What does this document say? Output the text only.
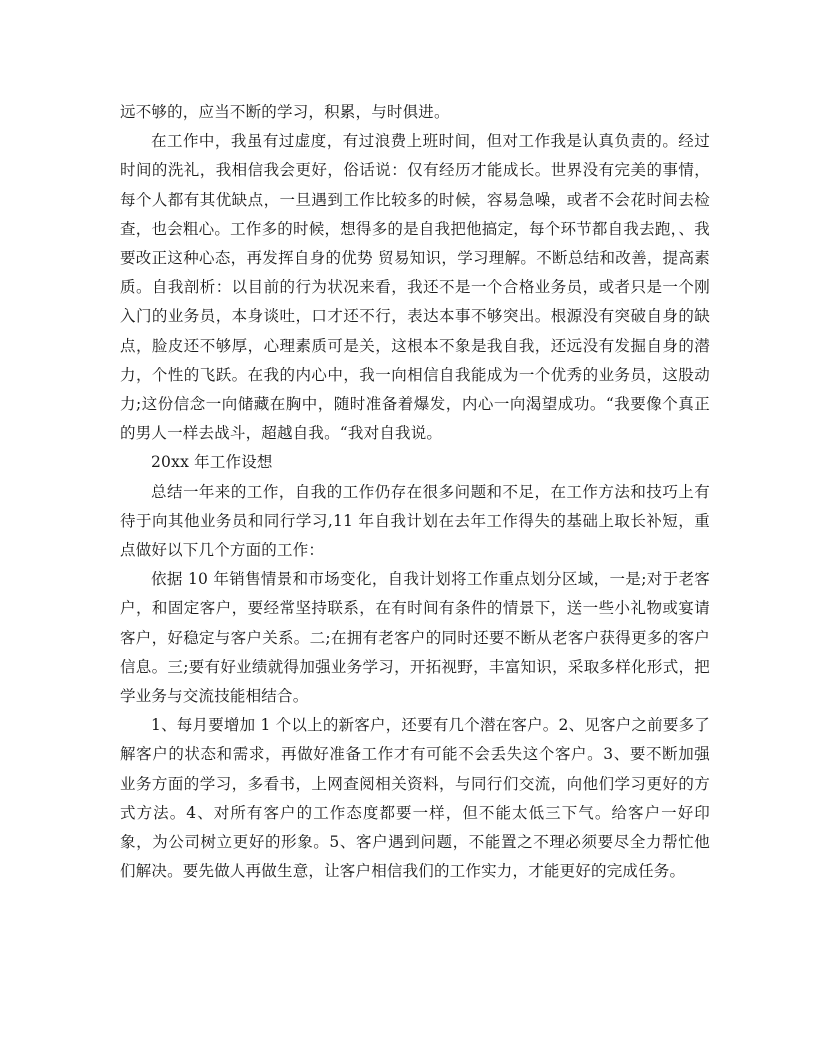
远不够的，应当不断的学习，积累，与时俱进。

在工作中，我虽有过虚度，有过浪费上班时间，但对工作我是认真负责的。经过时间的洗礼，我相信我会更好，俗话说：仅有经历才能成长。世界没有完美的事情，每个人都有其优缺点，一旦遇到工作比较多的时候，容易急噪，或者不会花时间去检查，也会粗心。工作多的时候，想得多的是自我把他搞定，每个环节都自我去跑，、我要改正这种心态，再发挥自身的优势 贸易知识，学习理解。不断总结和改善，提高素质。自我剖析：以目前的行为状况来看，我还不是一个合格业务员，或者只是一个刚入门的业务员，本身谈吐，口才还不行，表达本事不够突出。根源没有突破自身的缺点，脸皮还不够厚，心理素质可是关，这根本不象是我自我，还远没有发掘自身的潜力，个性的飞跃。在我的内心中，我一向相信自我能成为一个优秀的业务员，这股动力;这份信念一向储藏在胸中，随时准备着爆发，内心一向渴望成功。“我要像个真正的男人一样去战斗，超越自我。“我对自我说。

20xx 年工作设想

总结一年来的工作，自我的工作仍存在很多问题和不足，在工作方法和技巧上有待于向其他业务员和同行学习,11 年自我计划在去年工作得失的基础上取长补短，重点做好以下几个方面的工作：

依据 10 年销售情景和市场变化，自我计划将工作重点划分区域，一是;对于老客户，和固定客户，要经常坚持联系，在有时间有条件的情景下，送一些小礼物或宴请客户，好稳定与客户关系。二;在拥有老客户的同时还要不断从老客户获得更多的客户信息。三;要有好业绩就得加强业务学习，开拓视野，丰富知识，采取多样化形式，把学业务与交流技能相结合。

1、每月要增加 1 个以上的新客户，还要有几个潜在客户。2、见客户之前要多了解客户的状态和需求，再做好准备工作才有可能不会丢失这个客户。3、要不断加强业务方面的学习，多看书，上网查阅相关资料，与同行们交流，向他们学习更好的方式方法。4、对所有客户的工作态度都要一样，但不能太低三下气。给客户一好印象，为公司树立更好的形象。5、客户遇到问题，不能置之不理必须要尽全力帮忙他们解决。要先做人再做生意，让客户相信我们的工作实力，才能更好的完成任务。
